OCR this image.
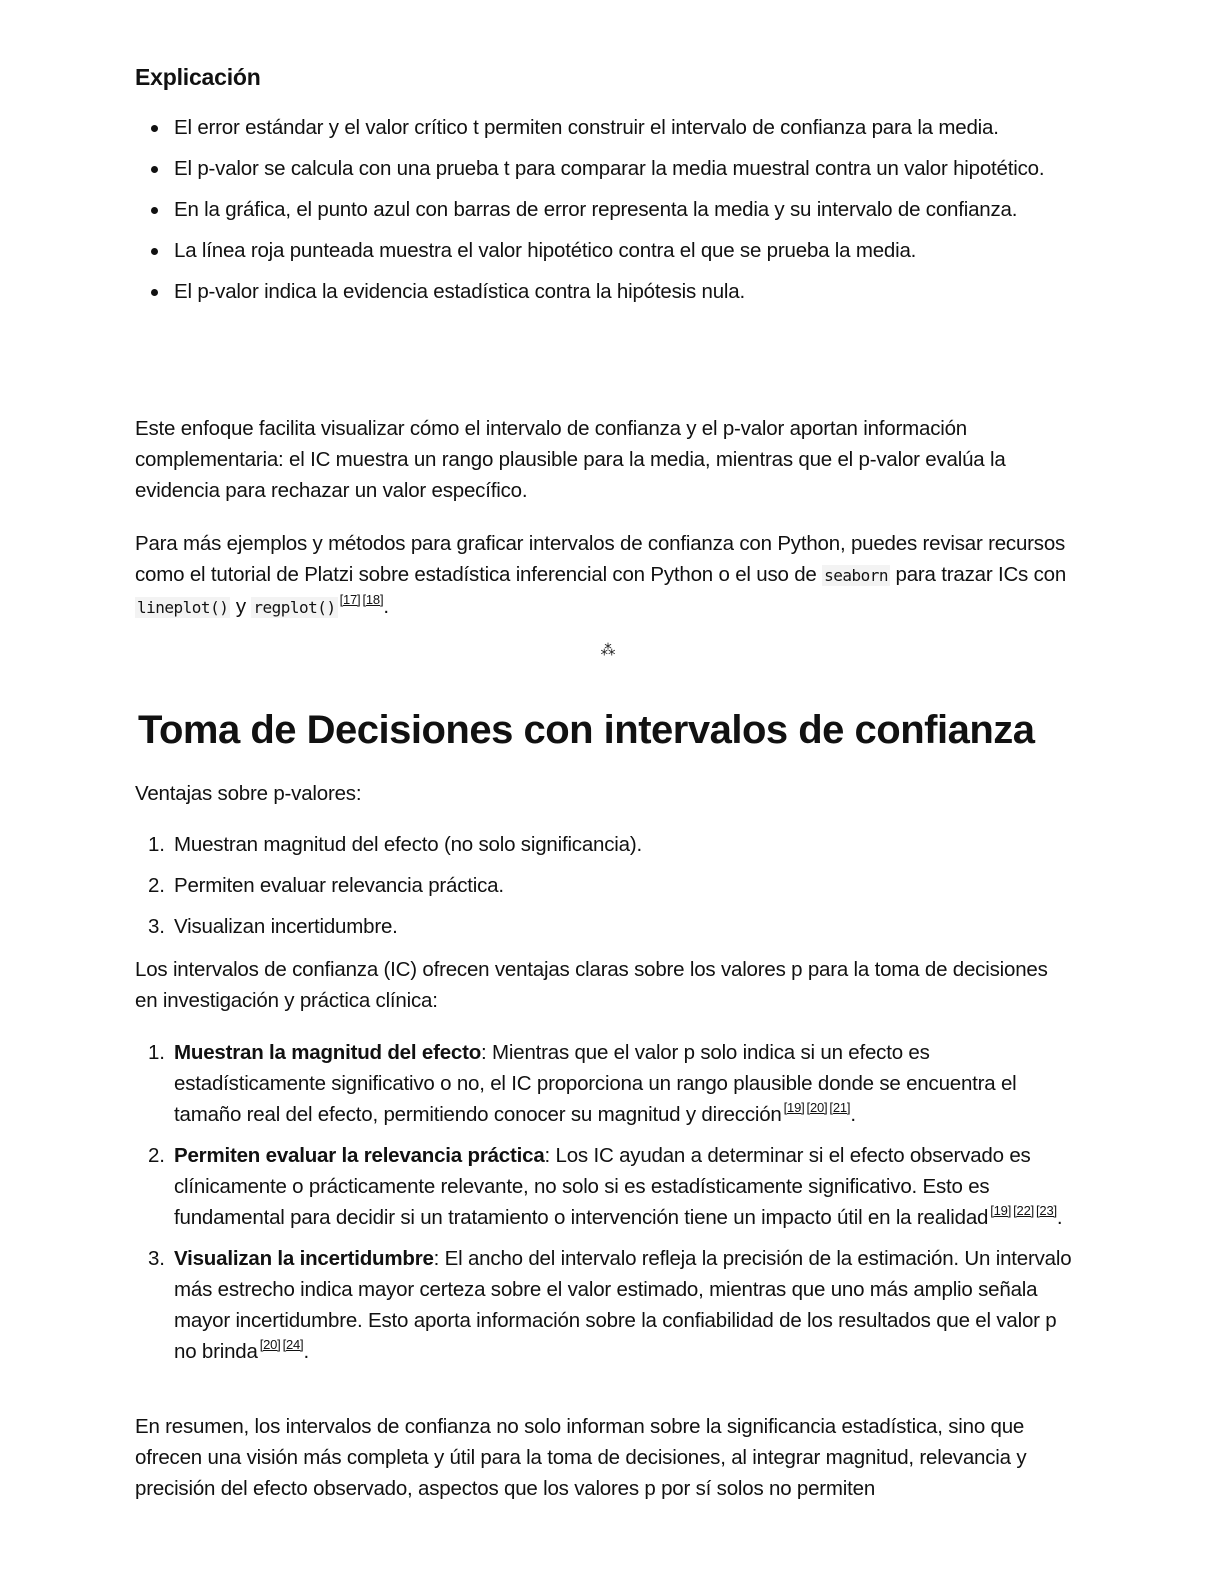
Explicación
El error estándar y el valor crítico t permiten construir el intervalo de confianza para la media.
El p-valor se calcula con una prueba t para comparar la media muestral contra un valor hipotético.
En la gráfica, el punto azul con barras de error representa la media y su intervalo de confianza.
La línea roja punteada muestra el valor hipotético contra el que se prueba la media.
El p-valor indica la evidencia estadística contra la hipótesis nula.

Este enfoque facilita visualizar cómo el intervalo de confianza y el p-valor aportan información complementaria: el IC muestra un rango plausible para la media, mientras que el p-valor evalúa la evidencia para rechazar un valor específico.

Para más ejemplos y métodos para graficar intervalos de confianza con Python, puedes revisar recursos como el tutorial de Platzi sobre estadística inferencial con Python o el uso de seaborn para trazar ICs con lineplot() y regplot() [17] [18].

⁂
Toma de Decisiones con intervalos de confianza

Ventajas sobre p-valores:

1. Muestran magnitud del efecto (no solo significancia).
2. Permiten evaluar relevancia práctica.
3. Visualizan incertidumbre.

Los intervalos de confianza (IC) ofrecen ventajas claras sobre los valores p para la toma de decisiones en investigación y práctica clínica:

1. Muestran la magnitud del efecto: Mientras que el valor p solo indica si un efecto es estadísticamente significativo o no, el IC proporciona un rango plausible donde se encuentra el tamaño real del efecto, permitiendo conocer su magnitud y dirección [19] [20] [21].
2. Permiten evaluar la relevancia práctica: Los IC ayudan a determinar si el efecto observado es clínicamente o prácticamente relevante, no solo si es estadísticamente significativo. Esto es fundamental para decidir si un tratamiento o intervención tiene un impacto útil en la realidad [19] [22] [23].
3. Visualizan la incertidumbre: El ancho del intervalo refleja la precisión de la estimación. Un intervalo más estrecho indica mayor certeza sobre el valor estimado, mientras que uno más amplio señala mayor incertidumbre. Esto aporta información sobre la confiabilidad de los resultados que el valor p no brinda [20] [24].

En resumen, los intervalos de confianza no solo informan sobre la significancia estadística, sino que ofrecen una visión más completa y útil para la toma de decisiones, al integrar magnitud, relevancia y precisión del efecto observado, aspectos que los valores p por sí solos no permiten
